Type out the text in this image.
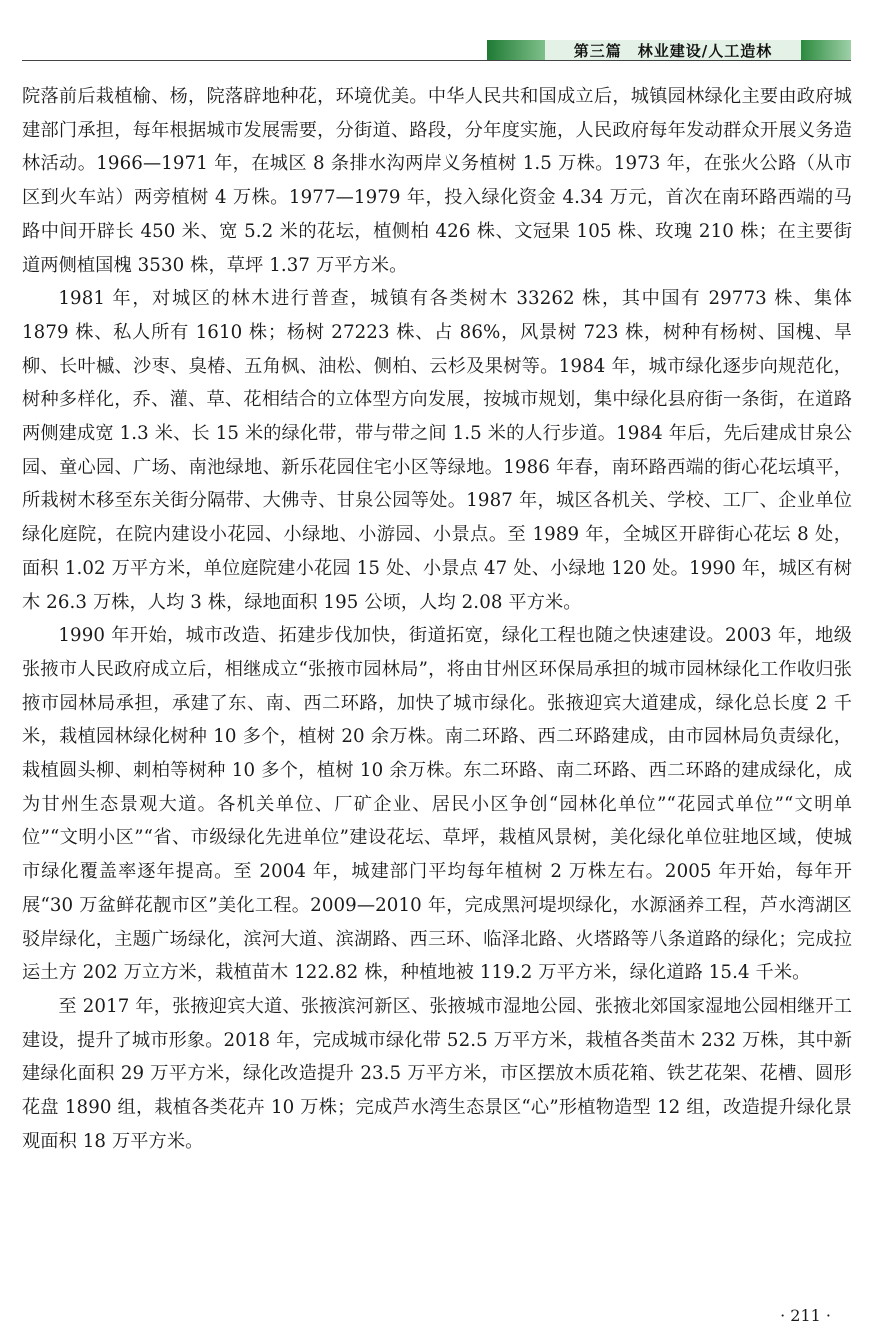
第三篇　林业建设/人工造林

院落前后栽植榆、杨，院落辟地种花，环境优美。中华人民共和国成立后，城镇园林绿化主要由政府城建部门承担，每年根据城市发展需要，分街道、路段，分年度实施，人民政府每年发动群众开展义务造林活动。1966—1971 年，在城区 8 条排水沟两岸义务植树 1.5 万株。1973 年，在张火公路（从市区到火车站）两旁植树 4 万株。1977—1979 年，投入绿化资金 4.34 万元，首次在南环路西端的马路中间开辟长 450 米、宽 5.2 米的花坛，植侧柏 426 株、文冠果 105 株、玫瑰 210 株；在主要街道两侧植国槐 3530 株，草坪 1.37 万平方米。

1981 年，对城区的林木进行普查，城镇有各类树木 33262 株，其中国有 29773 株、集体 1879 株、私人所有 1610 株；杨树 27223 株、占 86%，风景树 723 株，树种有杨树、国槐、旱柳、长叶槭、沙枣、臭椿、五角枫、油松、侧柏、云杉及果树等。1984 年，城市绿化逐步向规范化，树种多样化，乔、灌、草、花相结合的立体型方向发展，按城市规划，集中绿化县府街一条街，在道路两侧建成宽 1.3 米、长 15 米的绿化带，带与带之间 1.5 米的人行步道。1984 年后，先后建成甘泉公园、童心园、广场、南池绿地、新乐花园住宅小区等绿地。1986 年春，南环路西端的街心花坛填平，所栽树木移至东关街分隔带、大佛寺、甘泉公园等处。1987 年，城区各机关、学校、工厂、企业单位绿化庭院，在院内建设小花园、小绿地、小游园、小景点。至 1989 年，全城区开辟街心花坛 8 处，面积 1.02 万平方米，单位庭院建小花园 15 处、小景点 47 处、小绿地 120 处。1990 年，城区有树木 26.3 万株，人均 3 株，绿地面积 195 公顷，人均 2.08 平方米。

1990 年开始，城市改造、拓建步伐加快，街道拓宽，绿化工程也随之快速建设。2003 年，地级张掖市人民政府成立后，相继成立“张掖市园林局”，将由甘州区环保局承担的城市园林绿化工作收归张掖市园林局承担，承建了东、南、西二环路，加快了城市绿化。张掖迎宾大道建成，绿化总长度 2 千米，栽植园林绿化树种 10 多个，植树 20 余万株。南二环路、西二环路建成，由市园林局负责绿化，栽植圆头柳、刺柏等树种 10 多个，植树 10 余万株。东二环路、南二环路、西二环路的建成绿化，成为甘州生态景观大道。各机关单位、厂矿企业、居民小区争创“园林化单位”“花园式单位”“文明单位”“文明小区”“省、市级绿化先进单位”建设花坛、草坪，栽植风景树，美化绿化单位驻地区域，使城市绿化覆盖率逐年提高。至 2004 年，城建部门平均每年植树 2 万株左右。2005 年开始，每年开展“30 万盆鲜花靓市区”美化工程。2009—2010 年，完成黑河堤坝绿化，水源涵养工程，芦水湾湖区驳岸绿化，主题广场绿化，滨河大道、滨湖路、西三环、临泽北路、火塔路等八条道路的绿化；完成拉运土方 202 万立方米，栽植苗木 122.82 株，种植地被 119.2 万平方米，绿化道路 15.4 千米。

至 2017 年，张掖迎宾大道、张掖滨河新区、张掖城市湿地公园、张掖北郊国家湿地公园相继开工建设，提升了城市形象。2018 年，完成城市绿化带 52.5 万平方米，栽植各类苗木 232 万株，其中新建绿化面积 29 万平方米，绿化改造提升 23.5 万平方米，市区摆放木质花箱、铁艺花架、花槽、圆形花盘 1890 组，栽植各类花卉 10 万株；完成芦水湾生态景区“心”形植物造型 12 组，改造提升绿化景观面积 18 万平方米。

· 211 ·
